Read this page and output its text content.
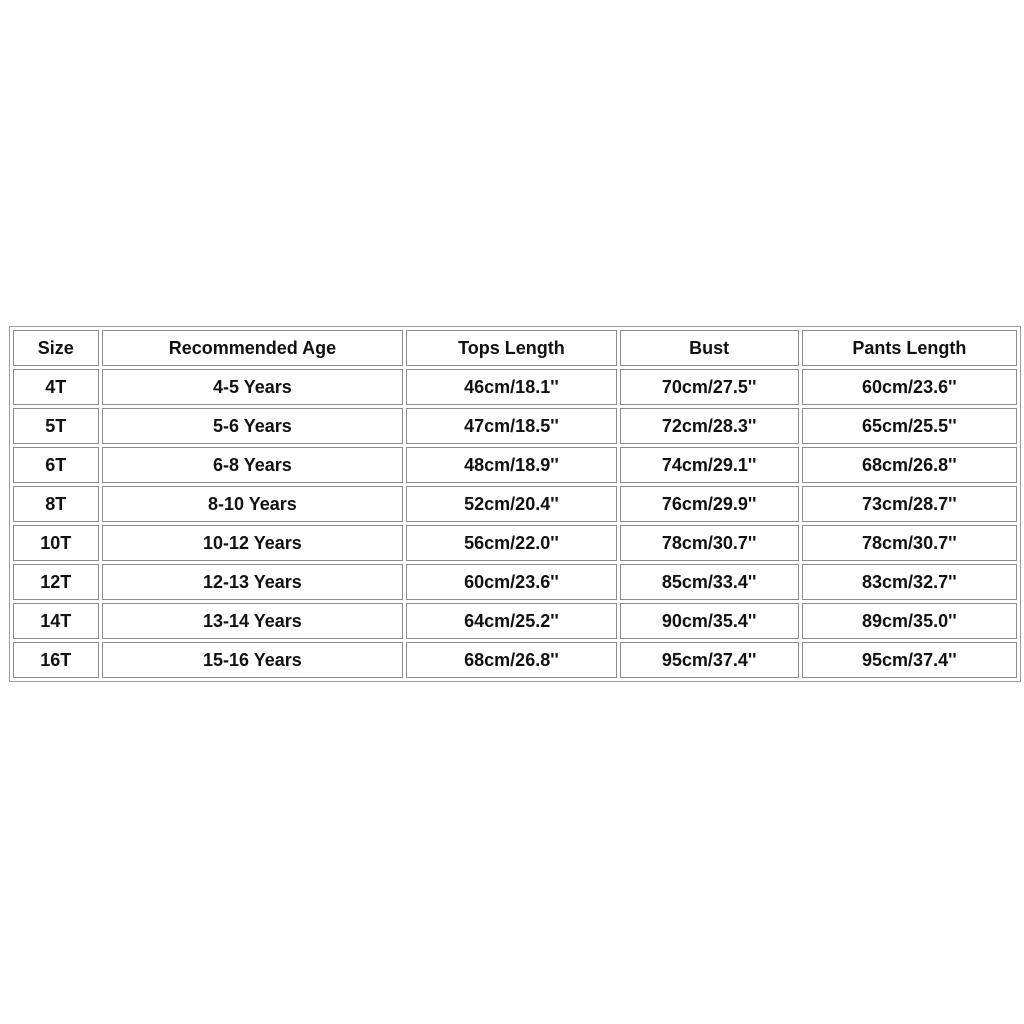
Size	Recommended Age	Tops Length	Bust	Pants Length
4T	4-5 Years	46cm/18.1''	70cm/27.5''	60cm/23.6''
5T	5-6 Years	47cm/18.5''	72cm/28.3''	65cm/25.5''
6T	6-8 Years	48cm/18.9''	74cm/29.1''	68cm/26.8''
8T	8-10 Years	52cm/20.4''	76cm/29.9''	73cm/28.7''
10T	10-12 Years	56cm/22.0''	78cm/30.7''	78cm/30.7''
12T	12-13 Years	60cm/23.6''	85cm/33.4''	83cm/32.7''
14T	13-14 Years	64cm/25.2''	90cm/35.4''	89cm/35.0''
16T	15-16 Years	68cm/26.8''	95cm/37.4''	95cm/37.4''
